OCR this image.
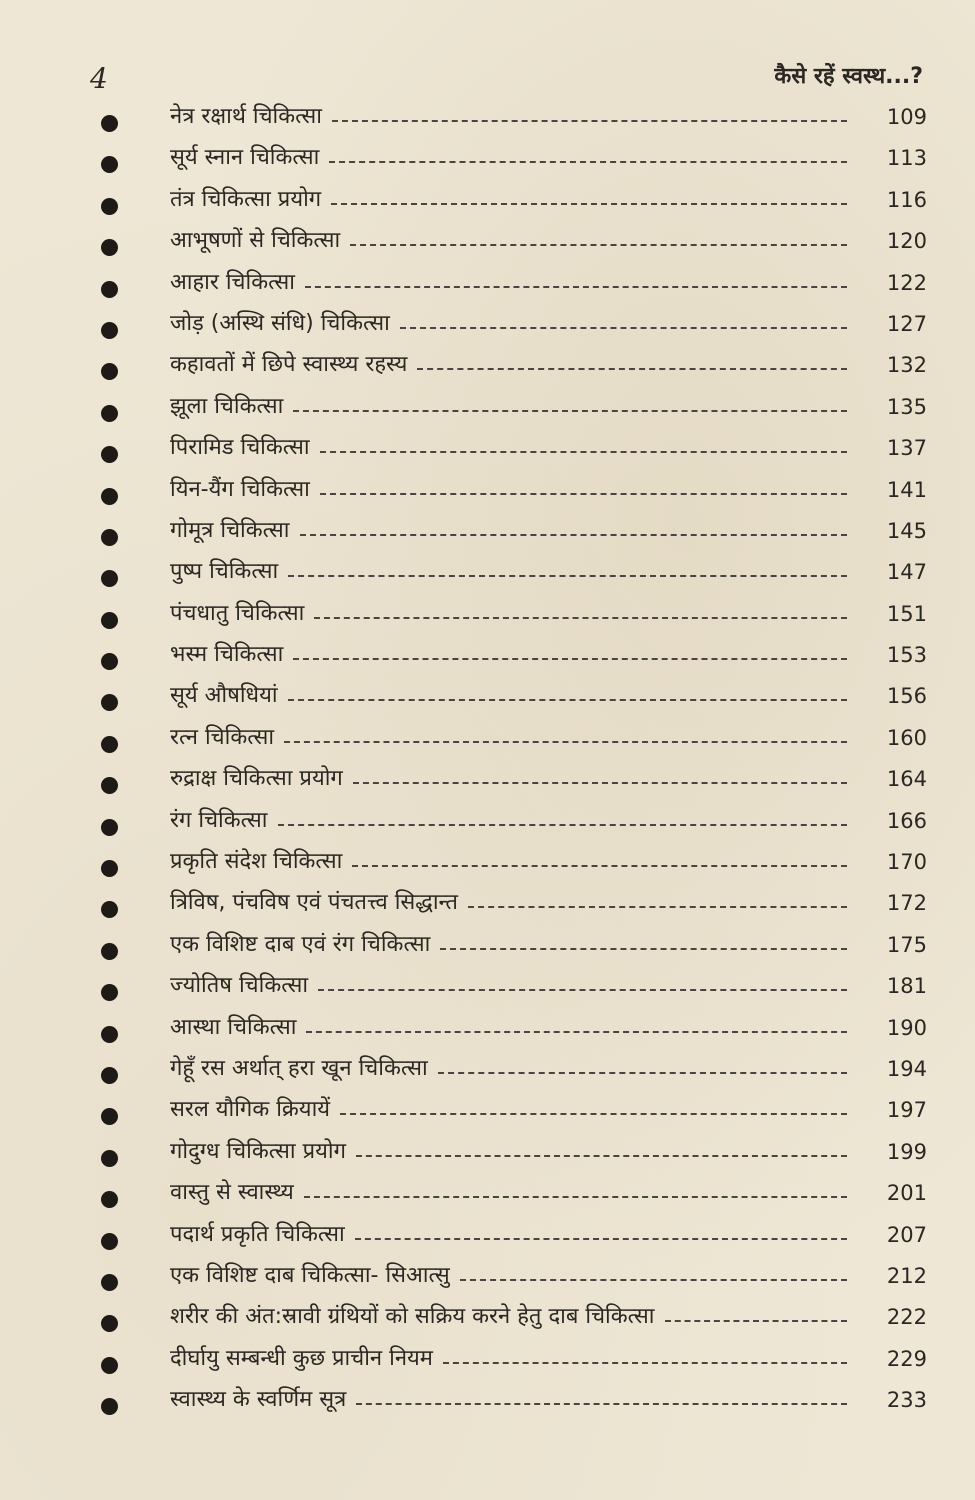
4	कैसे रहें स्वस्थ...?
नेत्र रक्षार्थ चिकित्सा	109
सूर्य स्नान चिकित्सा	113
तंत्र चिकित्सा प्रयोग	116
आभूषणों से चिकित्सा	120
आहार चिकित्सा	122
जोड़ (अस्थि संधि) चिकित्सा	127
कहावतों में छिपे स्वास्थ्य रहस्य	132
झूला चिकित्सा	135
पिरामिड चिकित्सा	137
यिन-यैंग चिकित्सा	141
गोमूत्र चिकित्सा	145
पुष्प चिकित्सा	147
पंचधातु चिकित्सा	151
भस्म चिकित्सा	153
सूर्य औषधियां	156
रत्न चिकित्सा	160
रुद्राक्ष चिकित्सा प्रयोग	164
रंग चिकित्सा	166
प्रकृति संदेश चिकित्सा	170
त्रिविष, पंचविष एवं पंचतत्त्व सिद्धान्त	172
एक विशिष्ट दाब एवं रंग चिकित्सा	175
ज्योतिष चिकित्सा	181
आस्था चिकित्सा	190
गेहूँ रस अर्थात् हरा खून चिकित्सा	194
सरल यौगिक क्रियायें	197
गोदुग्ध चिकित्सा प्रयोग	199
वास्तु से स्वास्थ्य	201
पदार्थ प्रकृति चिकित्सा	207
एक विशिष्ट दाब चिकित्सा- सिआत्सु	212
शरीर की अंत:स्रावी ग्रंथियों को सक्रिय करने हेतु दाब चिकित्सा	222
दीर्घायु सम्बन्धी कुछ प्राचीन नियम	229
स्वास्थ्य के स्वर्णिम सूत्र	233
